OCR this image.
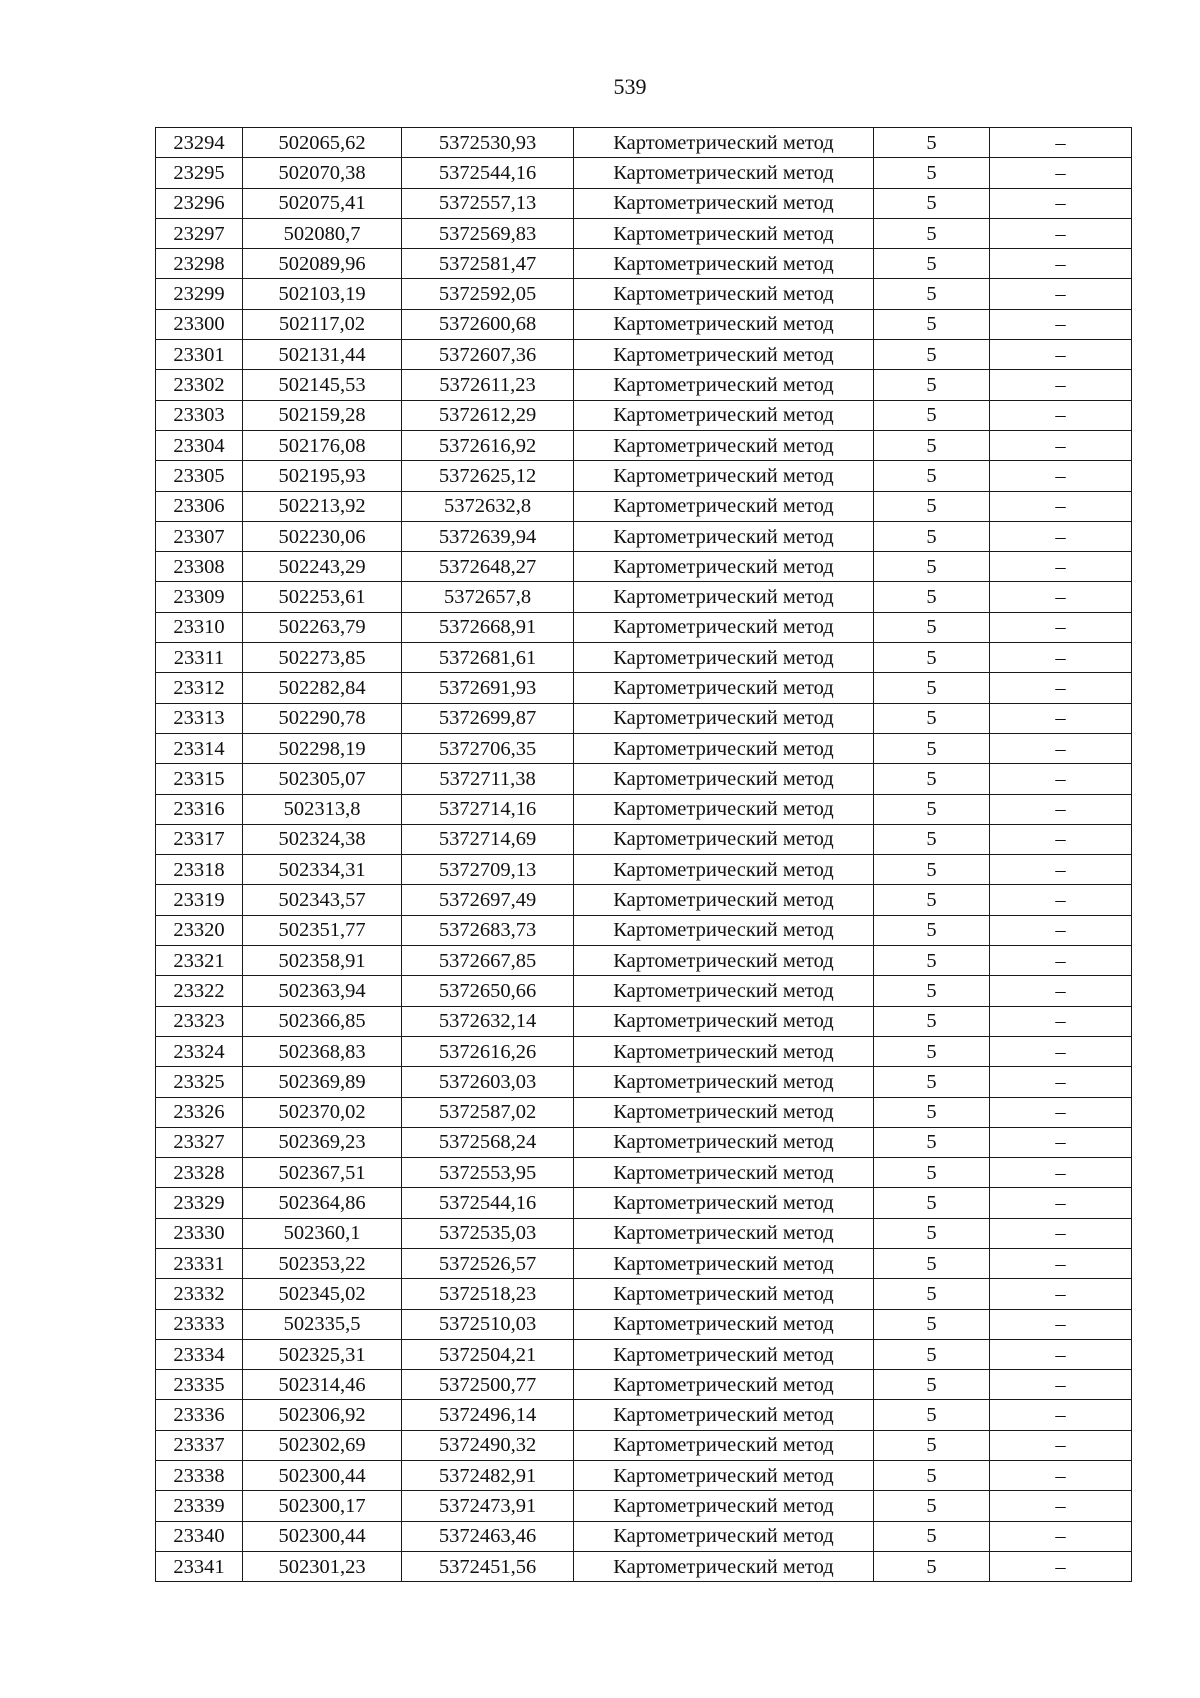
539
23294	502065,62	5372530,93	Картометрический метод	5	–
23295	502070,38	5372544,16	Картометрический метод	5	–
23296	502075,41	5372557,13	Картометрический метод	5	–
23297	502080,7	5372569,83	Картометрический метод	5	–
23298	502089,96	5372581,47	Картометрический метод	5	–
23299	502103,19	5372592,05	Картометрический метод	5	–
23300	502117,02	5372600,68	Картометрический метод	5	–
23301	502131,44	5372607,36	Картометрический метод	5	–
23302	502145,53	5372611,23	Картометрический метод	5	–
23303	502159,28	5372612,29	Картометрический метод	5	–
23304	502176,08	5372616,92	Картометрический метод	5	–
23305	502195,93	5372625,12	Картометрический метод	5	–
23306	502213,92	5372632,8	Картометрический метод	5	–
23307	502230,06	5372639,94	Картометрический метод	5	–
23308	502243,29	5372648,27	Картометрический метод	5	–
23309	502253,61	5372657,8	Картометрический метод	5	–
23310	502263,79	5372668,91	Картометрический метод	5	–
23311	502273,85	5372681,61	Картометрический метод	5	–
23312	502282,84	5372691,93	Картометрический метод	5	–
23313	502290,78	5372699,87	Картометрический метод	5	–
23314	502298,19	5372706,35	Картометрический метод	5	–
23315	502305,07	5372711,38	Картометрический метод	5	–
23316	502313,8	5372714,16	Картометрический метод	5	–
23317	502324,38	5372714,69	Картометрический метод	5	–
23318	502334,31	5372709,13	Картометрический метод	5	–
23319	502343,57	5372697,49	Картометрический метод	5	–
23320	502351,77	5372683,73	Картометрический метод	5	–
23321	502358,91	5372667,85	Картометрический метод	5	–
23322	502363,94	5372650,66	Картометрический метод	5	–
23323	502366,85	5372632,14	Картометрический метод	5	–
23324	502368,83	5372616,26	Картометрический метод	5	–
23325	502369,89	5372603,03	Картометрический метод	5	–
23326	502370,02	5372587,02	Картометрический метод	5	–
23327	502369,23	5372568,24	Картометрический метод	5	–
23328	502367,51	5372553,95	Картометрический метод	5	–
23329	502364,86	5372544,16	Картометрический метод	5	–
23330	502360,1	5372535,03	Картометрический метод	5	–
23331	502353,22	5372526,57	Картометрический метод	5	–
23332	502345,02	5372518,23	Картометрический метод	5	–
23333	502335,5	5372510,03	Картометрический метод	5	–
23334	502325,31	5372504,21	Картометрический метод	5	–
23335	502314,46	5372500,77	Картометрический метод	5	–
23336	502306,92	5372496,14	Картометрический метод	5	–
23337	502302,69	5372490,32	Картометрический метод	5	–
23338	502300,44	5372482,91	Картометрический метод	5	–
23339	502300,17	5372473,91	Картометрический метод	5	–
23340	502300,44	5372463,46	Картометрический метод	5	–
23341	502301,23	5372451,56	Картометрический метод	5	–
